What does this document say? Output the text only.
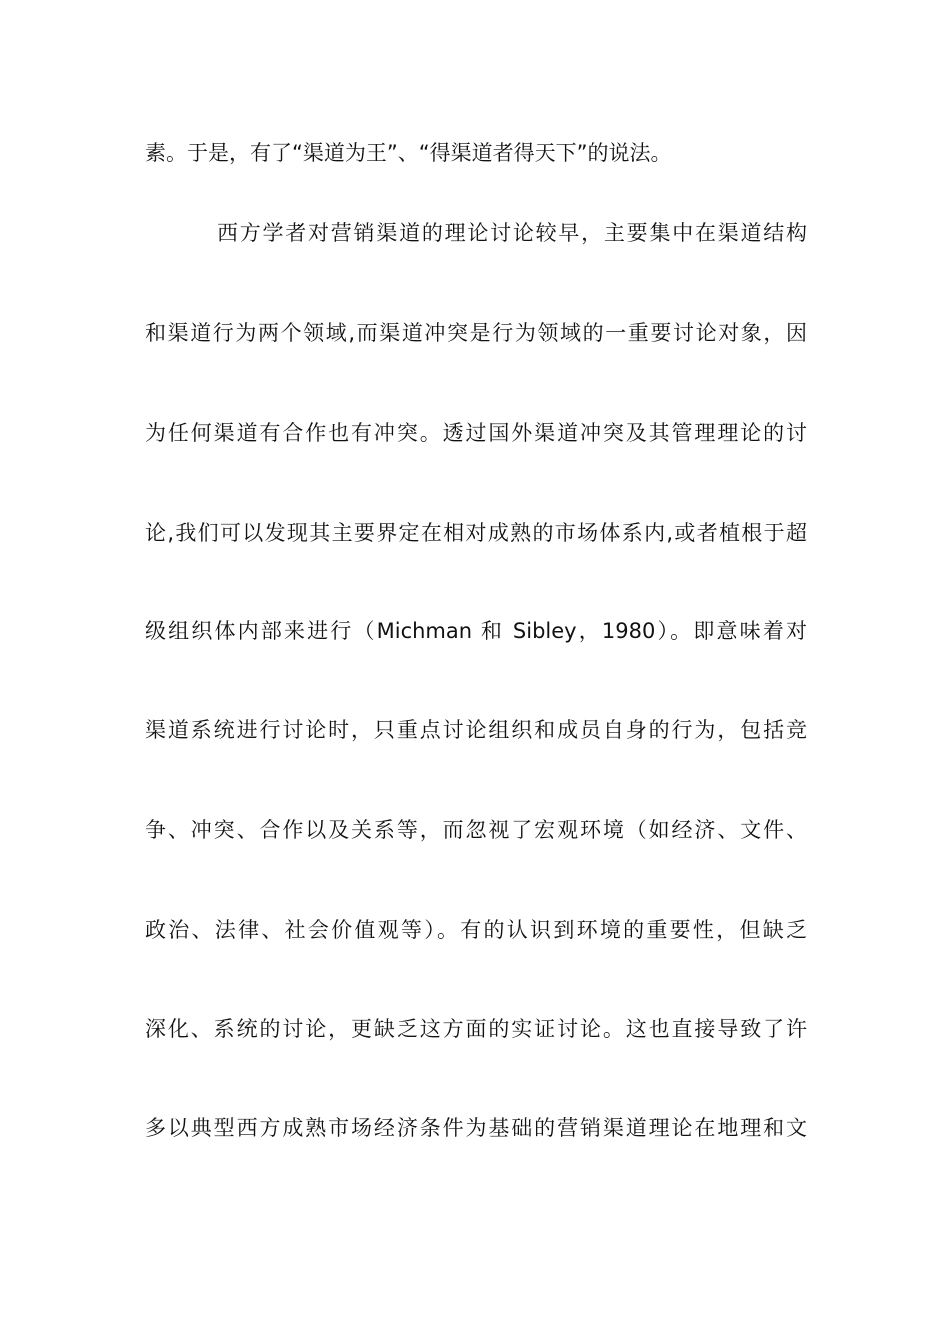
素。于是，有了“渠道为王”、“得渠道者得天下”的说法。
西方学者对营销渠道的理论讨论较早，主要集中在渠道结构
和渠道行为两个领域,而渠道冲突是行为领域的一重要讨论对象，因
为任何渠道有合作也有冲突。透过国外渠道冲突及其管理理论的讨
论,我们可以发现其主要界定在相对成熟的市场体系内,或者植根于超
级组织体内部来进行（Michman 和 Sibley，1980）。即意味着对
渠道系统进行讨论时，只重点讨论组织和成员自身的行为，包括竞
争、冲突、合作以及关系等，而忽视了宏观环境（如经济、文件、
政治、法律、社会价值观等）。有的认识到环境的重要性，但缺乏
深化、系统的讨论，更缺乏这方面的实证讨论。这也直接导致了许
多以典型西方成熟市场经济条件为基础的营销渠道理论在地理和文
